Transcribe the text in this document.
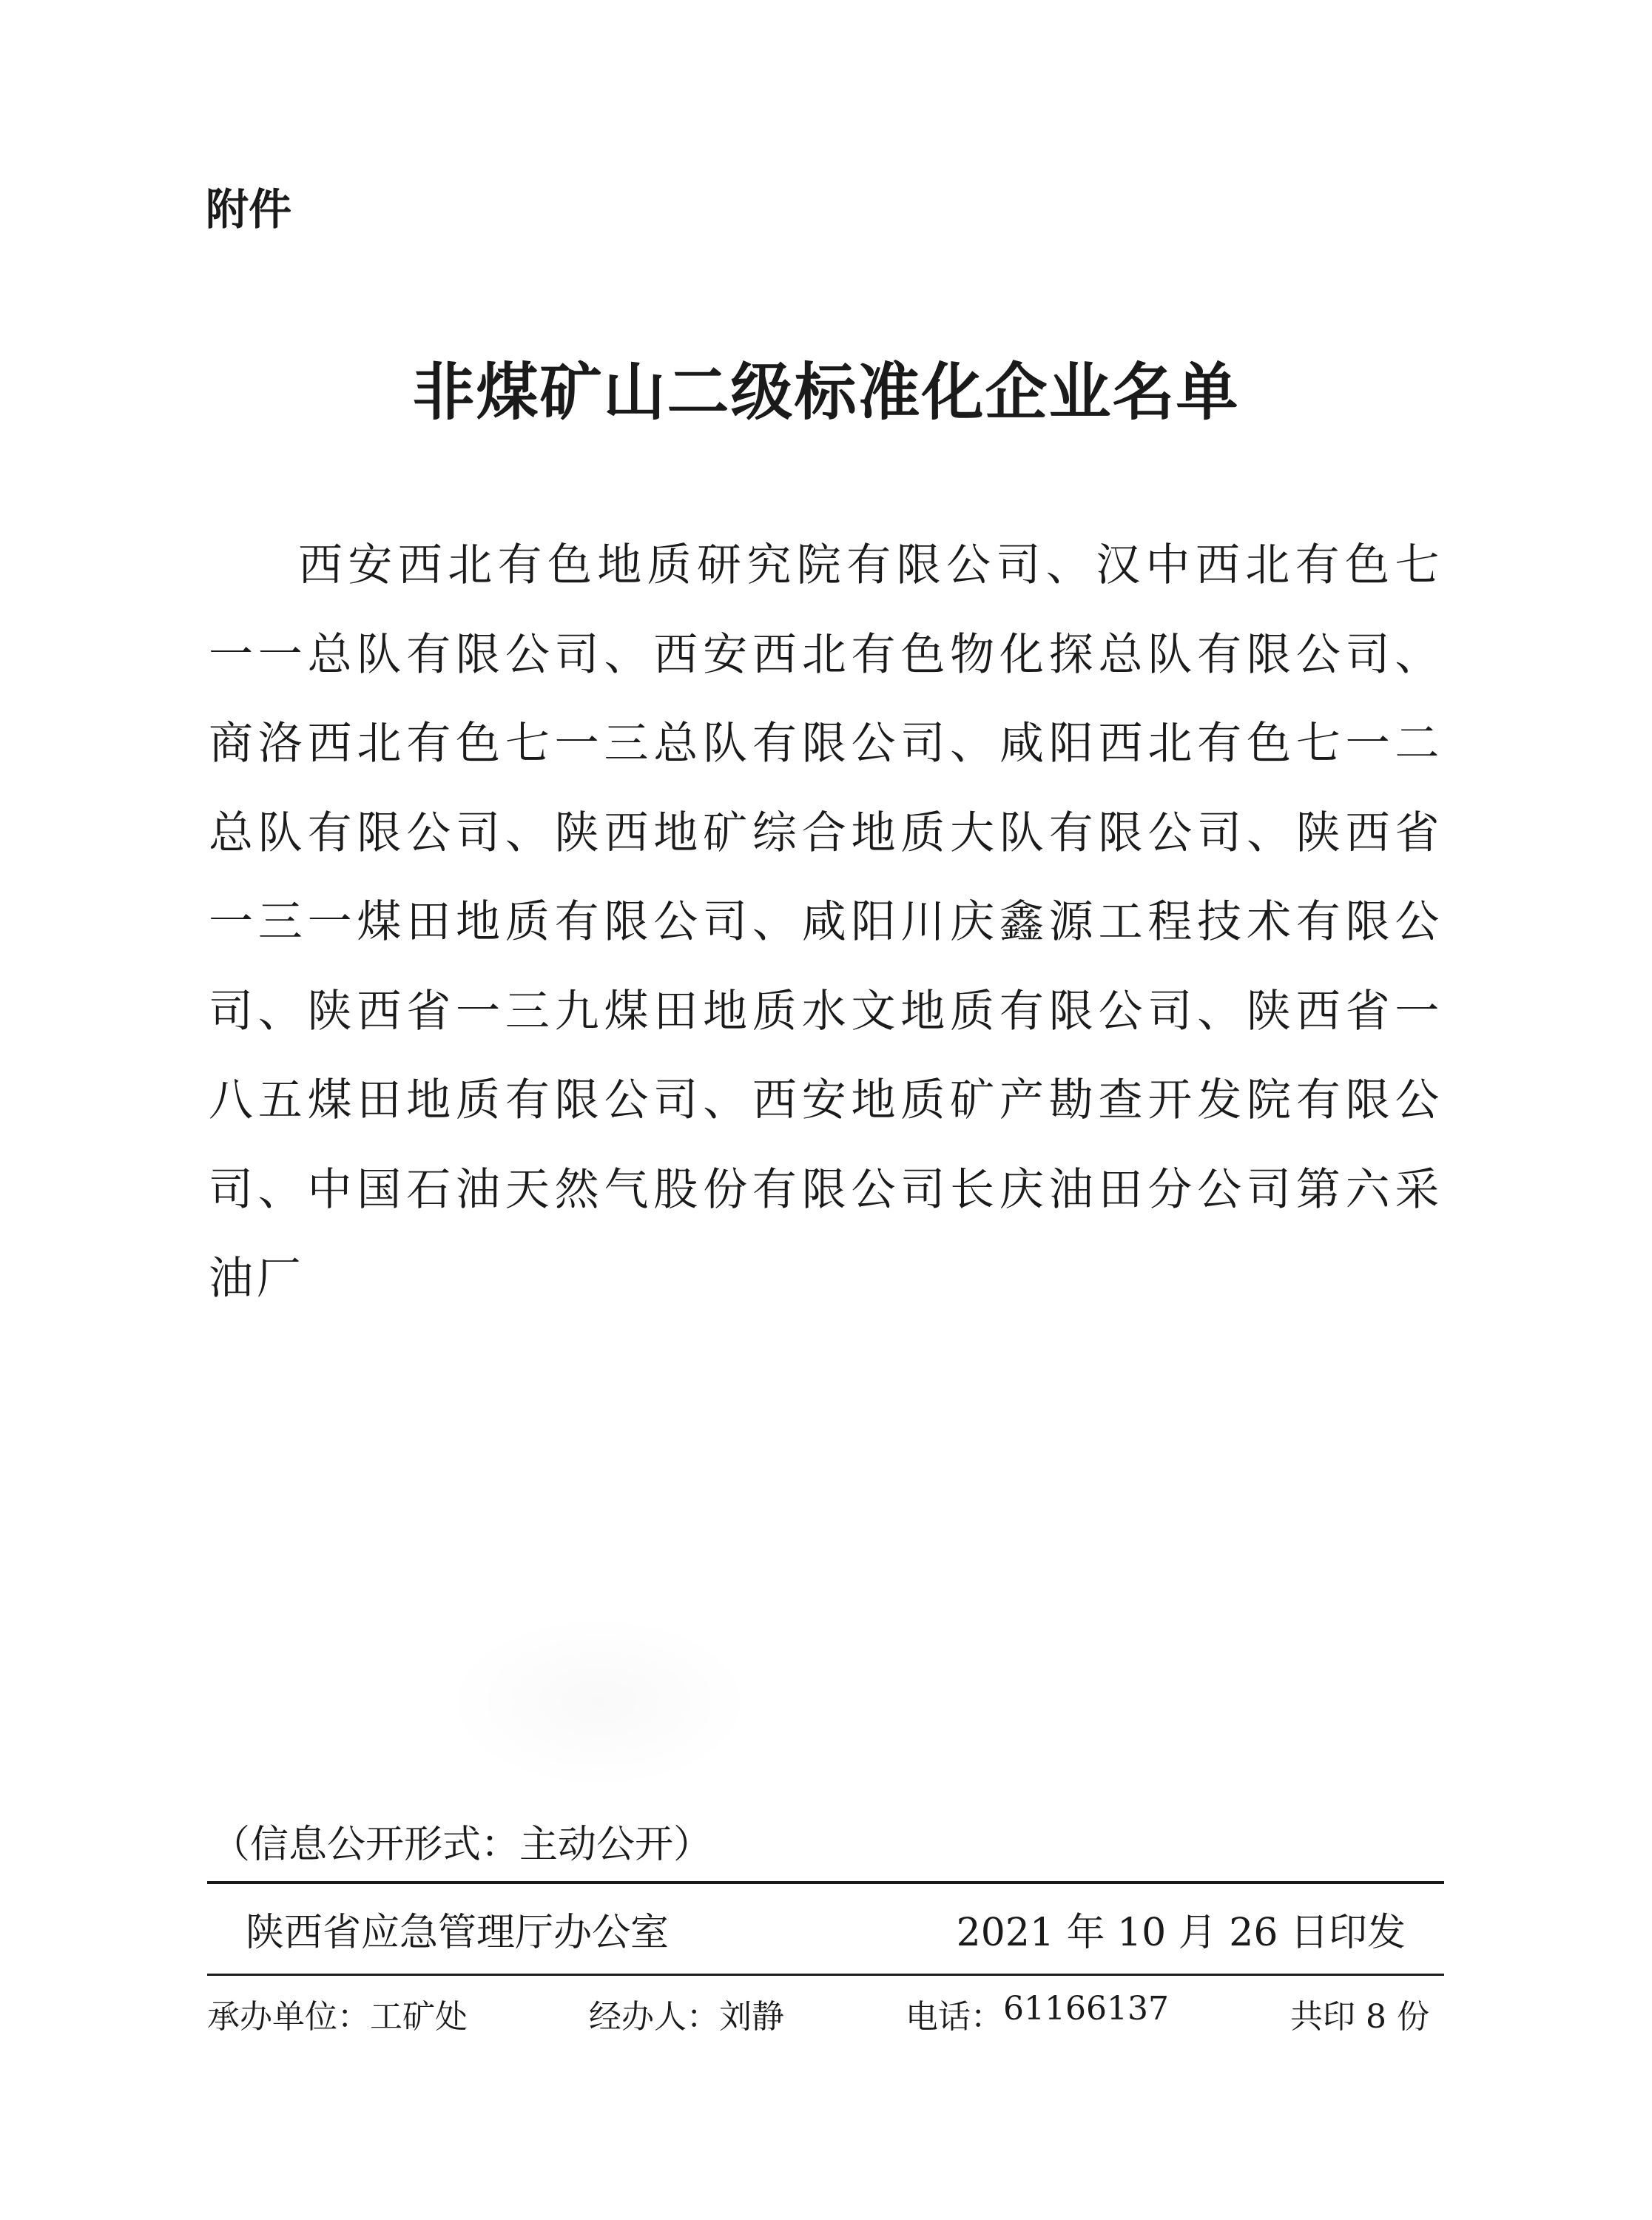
附件
非煤矿山二级标准化企业名单

西安西北有色地质研究院有限公司、汉中西北有色七一一总队有限公司、西安西北有色物化探总队有限公司、商洛西北有色七一三总队有限公司、咸阳西北有色七一二总队有限公司、陕西地矿综合地质大队有限公司、陕西省一三一煤田地质有限公司、咸阳川庆鑫源工程技术有限公司、陕西省一三九煤田地质水文地质有限公司、陕西省一八五煤田地质有限公司、西安地质矿产勘查开发院有限公司、中国石油天然气股份有限公司长庆油田分公司第六采油厂

（信息公开形式：主动公开）

陕西省应急管理厅办公室	2021 年 10 月 26 日印发
承办单位： 工矿处	经办人： 刘静	电话： 61166137	共印 8 份
